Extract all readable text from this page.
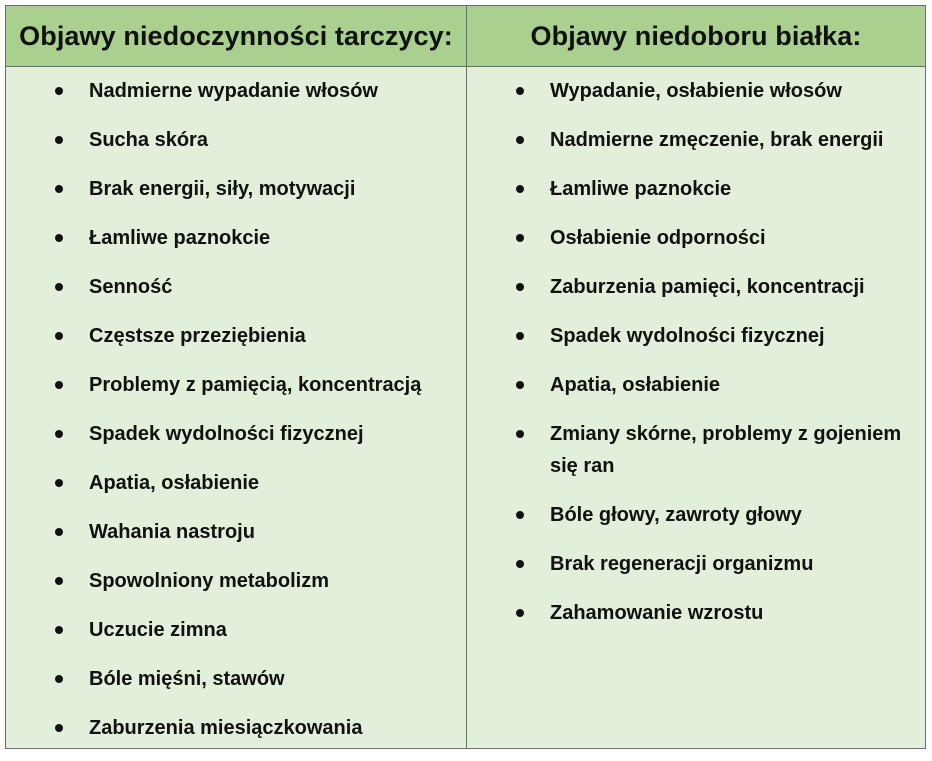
Objawy niedoczynności tarczycy:	Objawy niedoboru białka:
Nadmierne wypadanie włosów
Sucha skóra
Brak energii, siły, motywacji
Łamliwe paznokcie
Senność
Częstsze przeziębienia
Problemy z pamięcią, koncentracją
Spadek wydolności fizycznej
Apatia, osłabienie
Wahania nastroju
Spowolniony metabolizm
Uczucie zimna
Bóle mięśni, stawów
Zaburzenia miesiączkowania
Wypadanie, osłabienie włosów
Nadmierne zmęczenie, brak energii
Łamliwe paznokcie
Osłabienie odporności
Zaburzenia pamięci, koncentracji
Spadek wydolności fizycznej
Apatia, osłabienie
Zmiany skórne, problemy z gojeniem się ran
Bóle głowy, zawroty głowy
Brak regeneracji organizmu
Zahamowanie wzrostu
